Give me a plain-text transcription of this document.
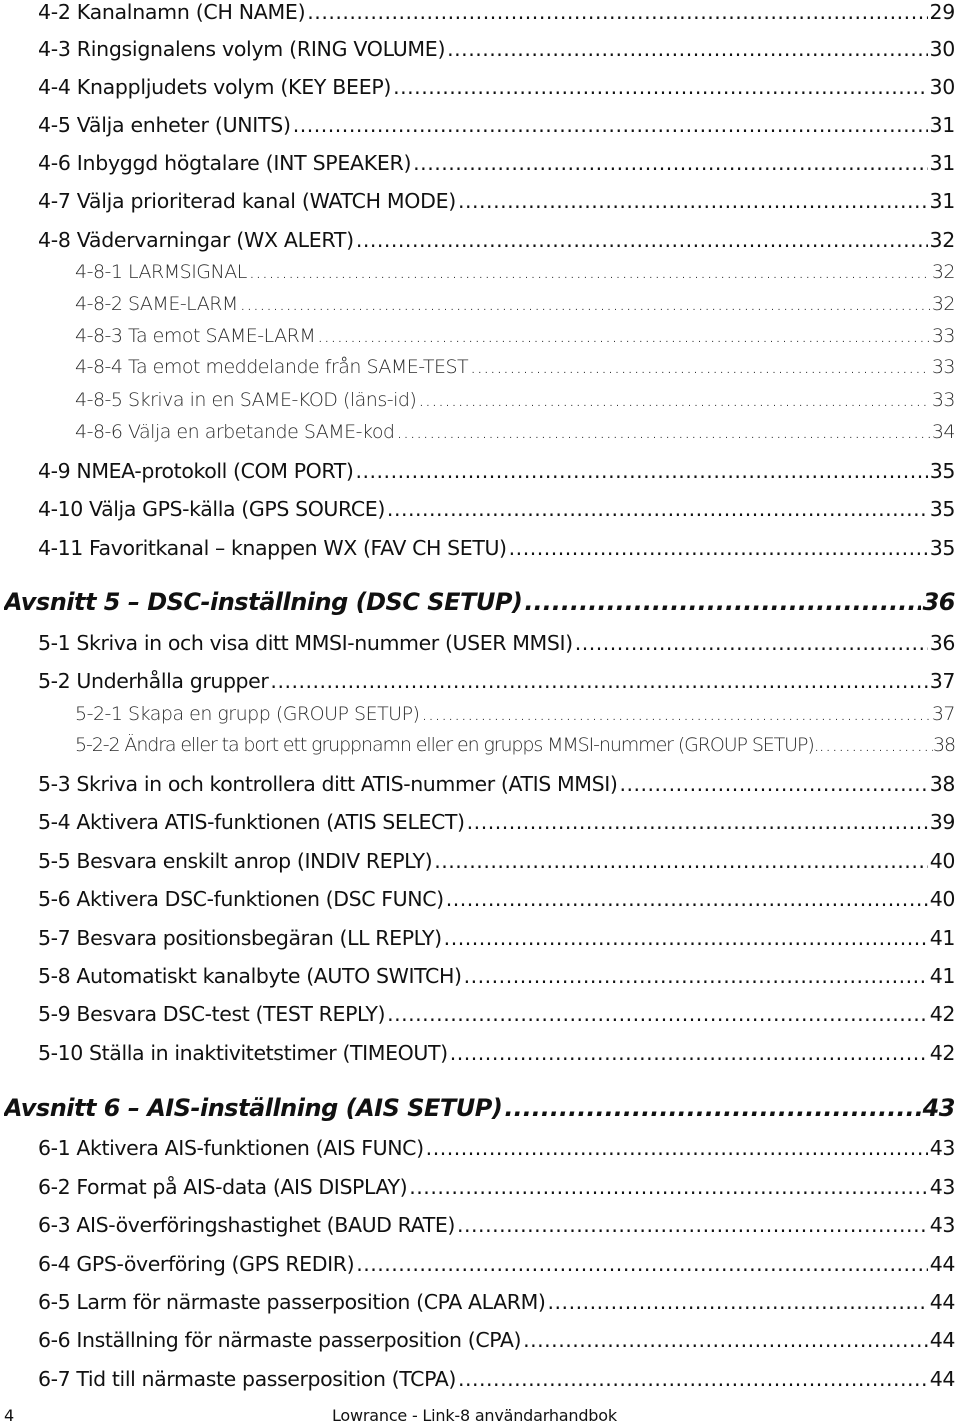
4-2 Kanalnamn (CH NAME) .....	29
4-3 Ringsignalens volym (RING VOLUME) .....	30
4-4 Knappljudets volym (KEY BEEP) .....	30
4-5 Välja enheter (UNITS) .....	31
4-6 Inbyggd högtalare (INT SPEAKER) .....	31
4-7 Välja prioriterad kanal (WATCH MODE) .....	31
4-8 Vädervarningar (WX ALERT) .....	32
4-8-1 LARMSIGNAL .....	32
4-8-2 SAME-LARM .....	32
4-8-3 Ta emot SAME-LARM .....	33
4-8-4 Ta emot meddelande från SAME-TEST .....	33
4-8-5 Skriva in en SAME-KOD (läns-id) .....	33
4-8-6 Välja en arbetande SAME-kod .....	34
4-9 NMEA-protokoll (COM PORT) .....	35
4-10 Välja GPS-källa (GPS SOURCE) .....	35
4-11 Favoritkanal – knappen WX (FAV CH SETU) .....	35
Avsnitt 5 – DSC-inställning (DSC SETUP) .....	36
5-1 Skriva in och visa ditt MMSI-nummer (USER MMSI) .....	36
5-2 Underhålla grupper .....	37
5-2-1 Skapa en grupp (GROUP SETUP) .....	37
5-2-2 Ändra eller ta bort ett gruppnamn eller en grupps MMSI-nummer (GROUP SETUP). .....	38
5-3 Skriva in och kontrollera ditt ATIS-nummer (ATIS MMSI) .....	38
5-4 Aktivera ATIS-funktionen (ATIS SELECT) .....	39
5-5 Besvara enskilt anrop (INDIV REPLY) .....	40
5-6 Aktivera DSC-funktionen (DSC FUNC) .....	40
5-7 Besvara positionsbegäran (LL REPLY) .....	41
5-8 Automatiskt kanalbyte (AUTO SWITCH) .....	41
5-9 Besvara DSC-test (TEST REPLY) .....	42
5-10 Ställa in inaktivitetstimer (TIMEOUT) .....	42
Avsnitt 6 – AIS-inställning (AIS SETUP) .....	43
6-1 Aktivera AIS-funktionen (AIS FUNC) .....	43
6-2 Format på AIS-data (AIS DISPLAY) .....	43
6-3 AIS-överföringshastighet (BAUD RATE) .....	43
6-4 GPS-överföring (GPS REDIR) .....	44
6-5 Larm för närmaste passerposition (CPA ALARM) .....	44
6-6 Inställning för närmaste passerposition (CPA) .....	44
6-7 Tid till närmaste passerposition (TCPA) .....	44
4	Lowrance - Link-8 användarhandbok
